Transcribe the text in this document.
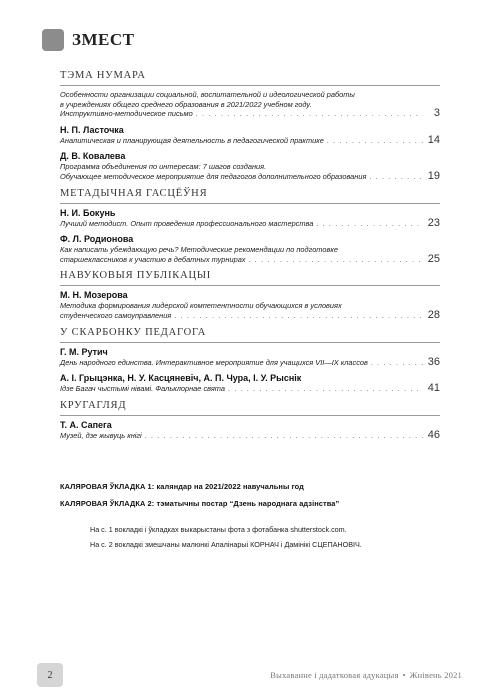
ЗМЕСТ
ТЭМА НУМАРА
Особенности организации социальной, воспитательной и идеологической работы
в учреждениях общего среднего образования в 2021/2022 учебном году.
Инструктивно-методическое письмо . . .	3
Н. П. Ласточка
Аналитическая и планирующая деятельность в педагогической практике . . .	14
Д. В. Ковалева
Программа объединения по интересам: 7 шагов создания.
Обучающее методическое мероприятие для педагогов дополнительного образования . . .	19
МЕТАДЫЧНАЯ ГАСЦЁЎНЯ
Н. И. Бокунь
Лучший методист. Опыт проведения профессионального мастерства . . .	23
Ф. Л. Родионова
Как написать убеждающую речь? Методические рекомендации по подготовке
старшеклассников к участию в дебатных турнирах . . .	25
НАВУКОВЫЯ ПУБЛІКАЦЫІ
М. Н. Мозерова
Методика формирования лидерской компетентности обучающихся в условиях
студенческого самоуправления . . .	28
У СКАРБОНКУ ПЕДАГОГА
Г. М. Рутич
День народного единства. Интерактивное мероприятие для учащихся VII—IX классов . . .	36
А. І. Грыцэнка, Н. У. Касцяневіч, А. П. Чура, І. У. Рыснік
Ідзе Багач чыстымі нівамі. Фальклорнае свята . . .	41
КРУГАГЛЯД
Т. А. Сапега
Музей, дзе жывуць кнігі . . .	46
КАЛЯРОВАЯ ЎКЛАДКА 1: каляндар на 2021/2022 навучальны год
КАЛЯРОВАЯ ЎКЛАДКА 2: тэматычны постар “Дзень народнага адзінства”
На с. 1 вокладкі і ўкладках выкарыстаны фота з фотабанка shutterstock.com.
На с. 2 вокладкі змешчаны малюнкі Апалінарыі КОРНАЧ і Дамінікі СЦЕПАНОВІЧ.
2	Выхаванне і дадатковая адукацыя • Жнівень 2021
